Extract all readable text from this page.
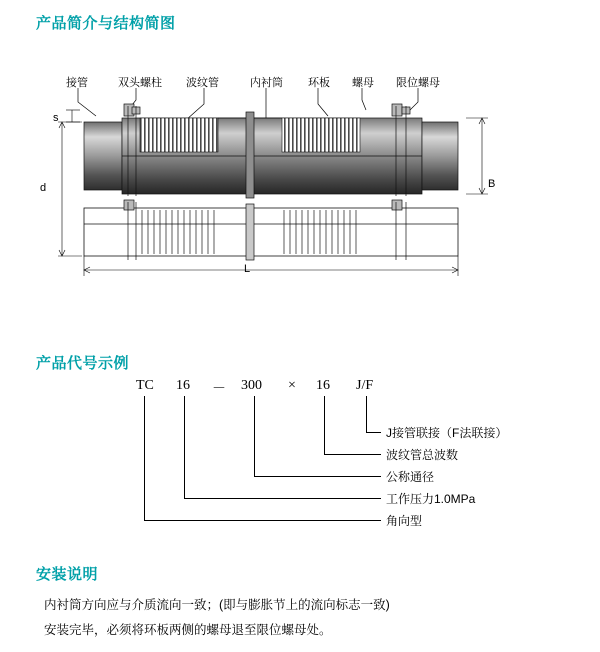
产品简介与结构简图
产品代号示例
安装说明
接管	双头螺柱 波纹管	内衬筒 环板 螺母 限位螺母
s
d	B
L
TC 16 － 300 × 16 J/F
J接管联接（F法联接）
波纹管总波数
公称通径
工作压力1.0MPa
角向型

内衬筒方向应与介质流向一致；(即与膨胀节上的流向标志一致)

安装完毕，必须将环板两侧的螺母退至限位螺母处。
